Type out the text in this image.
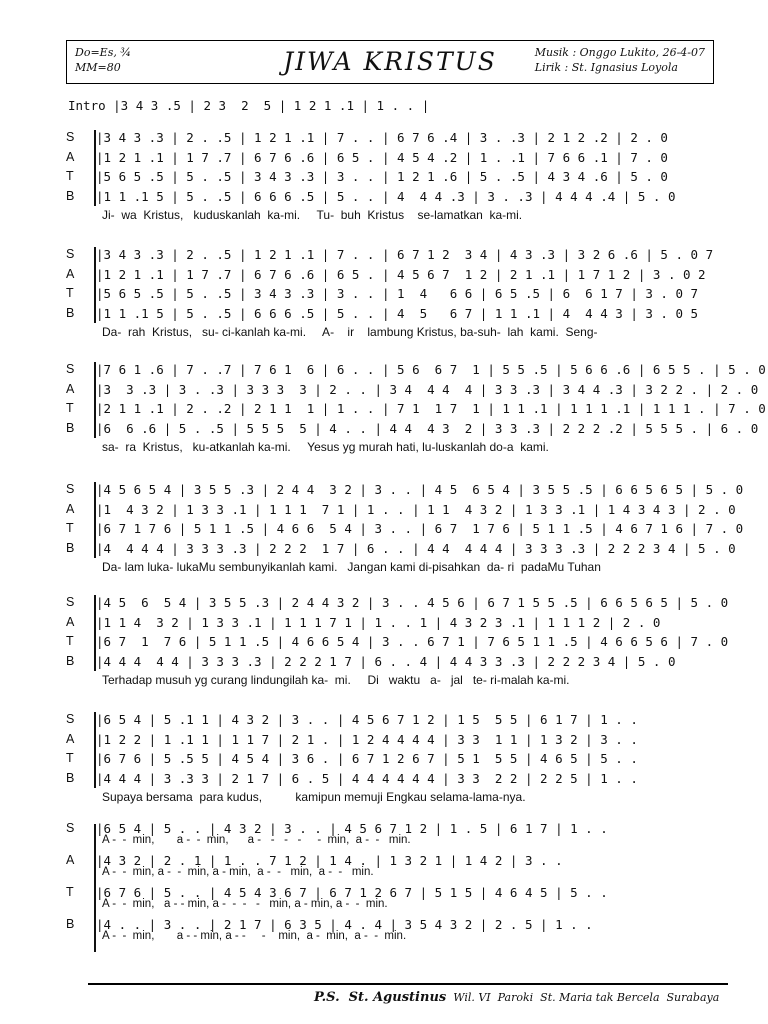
Do=Es, ¾
MM=80	JIWA KRISTUS	Musik : Onggo Lukito, 26-4-07
Lirik : St. Ignasius Loyola
Intro |3 4 3 .5 | 2 3  2  5 | 1 2 1 .1 | 1 . . |
S	|3 4 3 .3 | 2 . .5 | 1 2 1 .1 | 7 . . | 6 7 6 .4 | 3 . .3 | 2 1 2 .2 | 2 . 0
A	|1 2 1 .1 | 1 7 .7 | 6 7 6 .6 | 6 5 . | 4 5 4 .2 | 1 . .1 | 7 6 6 .1 | 7 . 0
T	|5 6 5 .5 | 5 . .5 | 3 4 3 .3 | 3 . . | 1 2 1 .6 | 5 . .5 | 4 3 4 .6 | 5 . 0
B	|1 1 .1 5 | 5 . .5 | 6 6 6 .5 | 5 . . | 4  4 4 .3 | 3 . .3 | 4 4 4 .4 | 5 . 0
Ji-  wa  Kristus,   kuduskanlah  ka-mi.     Tu-  buh  Kristus    se-lamatkan  ka-mi.
S	|3 4 3 .3 | 2 . .5 | 1 2 1 .1 | 7 . . | 6 7 1 2  3 4 | 4 3 .3 | 3 2 6 .6 | 5 . 0 7
A	|1 2 1 .1 | 1 7 .7 | 6 7 6 .6 | 6 5 . | 4 5 6 7  1 2 | 2 1 .1 | 1 7 1 2 | 3 . 0 2
T	|5 6 5 .5 | 5 . .5 | 3 4 3 .3 | 3 . . | 1  4   6 6 | 6 5 .5 | 6  6 1 7 | 3 . 0 7
B	|1 1 .1 5 | 5 . .5 | 6 6 6 .5 | 5 . . | 4  5   6 7 | 1 1 .1 | 4  4 4 3 | 3 . 0 5
Da-  rah  Kristus,   su- ci-kanlah ka-mi.     A-    ir    lambung Kristus, ba-suh-  lah  kami.  Seng-
S	|7 6 1 .6 | 7 . .7 | 7 6 1  6 | 6 . . | 5 6  6 7  1 | 5 5 .5 | 5 6 6 .6 | 6 5 5 . | 5 . 0
A	|3  3 .3 | 3 . .3 | 3 3 3  3 | 2 . . | 3 4  4 4  4 | 3 3 .3 | 3 4 4 .3 | 3 2 2 . | 2 . 0
T	|2 1 1 .1 | 2 . .2 | 2 1 1  1 | 1 . . | 7 1  1 7  1 | 1 1 .1 | 1 1 1 .1 | 1 1 1 . | 7 . 0
B	|6  6 .6 | 5 . .5 | 5 5 5  5 | 4 . . | 4 4  4 3  2 | 3 3 .3 | 2 2 2 .2 | 5 5 5 . | 6 . 0
sa-  ra  Kristus,   ku-atkanlah ka-mi.     Yesus yg murah hati, lu-luskanlah do-a  kami.
S	|4 5 6 5 4 | 3 5 5 .3 | 2 4 4  3 2 | 3 . . | 4 5  6 5 4 | 3 5 5 .5 | 6 6 5 6 5 | 5 . 0
A	|1  4 3 2 | 1 3 3 .1 | 1 1 1  7 1 | 1 . . | 1 1  4 3 2 | 1 3 3 .1 | 1 4 3 4 3 | 2 . 0
T	|6 7 1 7 6 | 5 1 1 .5 | 4 6 6  5 4 | 3 . . | 6 7  1 7 6 | 5 1 1 .5 | 4 6 7 1 6 | 7 . 0
B	|4  4 4 4 | 3 3 3 .3 | 2 2 2  1 7 | 6 . . | 4 4  4 4 4 | 3 3 3 .3 | 2 2 2 3 4 | 5 . 0
Da- lam luka- lukaMu sembunyikanlah kami.   Jangan kami di-pisahkan  da- ri  padaMu Tuhan
S	|4 5  6  5 4 | 3 5 5 .3 | 2 4 4 3 2 | 3 . . 4 5 6 | 6 7 1 5 5 .5 | 6 6 5 6 5 | 5 . 0
A	|1 1 4  3 2 | 1 3 3 .1 | 1 1 1 7 1 | 1 . . 1 | 4 3 2 3 .1 | 1 1 1 2 | 2 . 0
T	|6 7  1  7 6 | 5 1 1 .5 | 4 6 6 5 4 | 3 . . 6 7 1 | 7 6 5 1 1 .5 | 4 6 6 5 6 | 7 . 0
B	|4 4 4  4 4 | 3 3 3 .3 | 2 2 2 1 7 | 6 . . 4 | 4 4 3 3 .3 | 2 2 2 3 4 | 5 . 0
Terhadap musuh yg curang lindungilah ka-  mi.     Di   waktu   a-   jal   te- ri-malah ka-mi.
S	|6 5 4 | 5 .1 1 | 4 3 2 | 3 . . | 4 5 6 7 1 2 | 1 5  5 5 | 6 1 7 | 1 . .
A	|1 2 2 | 1 .1 1 | 1 1 7 | 2 1 . | 1 2 4 4 4 4 | 3 3  1 1 | 1 3 2 | 3 . .
T	|6 7 6 | 5 .5 5 | 4 5 4 | 3 6 . | 6 7 1 2 6 7 | 5 1  5 5 | 4 6 5 | 5 . .
B	|4 4 4 | 3 .3 3 | 2 1 7 | 6 . 5 | 4 4 4 4 4 4 | 3 3  2 2 | 2 2 5 | 1 . .
Supaya bersama  para kudus,          kamipun memuji Engkau selama-lama-nya.
S	|6 5 4 | 5 . . | 4 3 2 | 3 . . | 4 5 6 7 1 2 | 1 . 5 | 6 1 7 | 1 . .
A -  -  min,       a -  -  min,      a -   -   -   -     -  min,  a -  -   min.
A	|4 3 2 | 2 . 1 | 1 . . 7 1 2 | 1 4 . | 1 3 2 1 | 1 4 2 | 3 . .
A -  -  min, a -  -  min, a - min,  a -  -   min,  a -  -   min.
T	|6 7 6 | 5 . . | 4 5 4 3 6 7 | 6 7 1 2 6 7 | 5 1 5 | 4 6 4 5 | 5 . .
A -  -  min,   a - - min, a -  -  -   -   min, a - min, a -  -  min.
B	|4 . . | 3 . . | 2 1 7 | 6 3 5 | 4 . 4 | 3 5 4 3 2 | 2 . 5 | 1 . .
A -  -  min,       a - - min, a - -     -    min,  a -  min,  a -  -  min.
P.S.  St. Agustinus Wil. VI  Paroki  St. Maria tak Bercela  Surabaya
